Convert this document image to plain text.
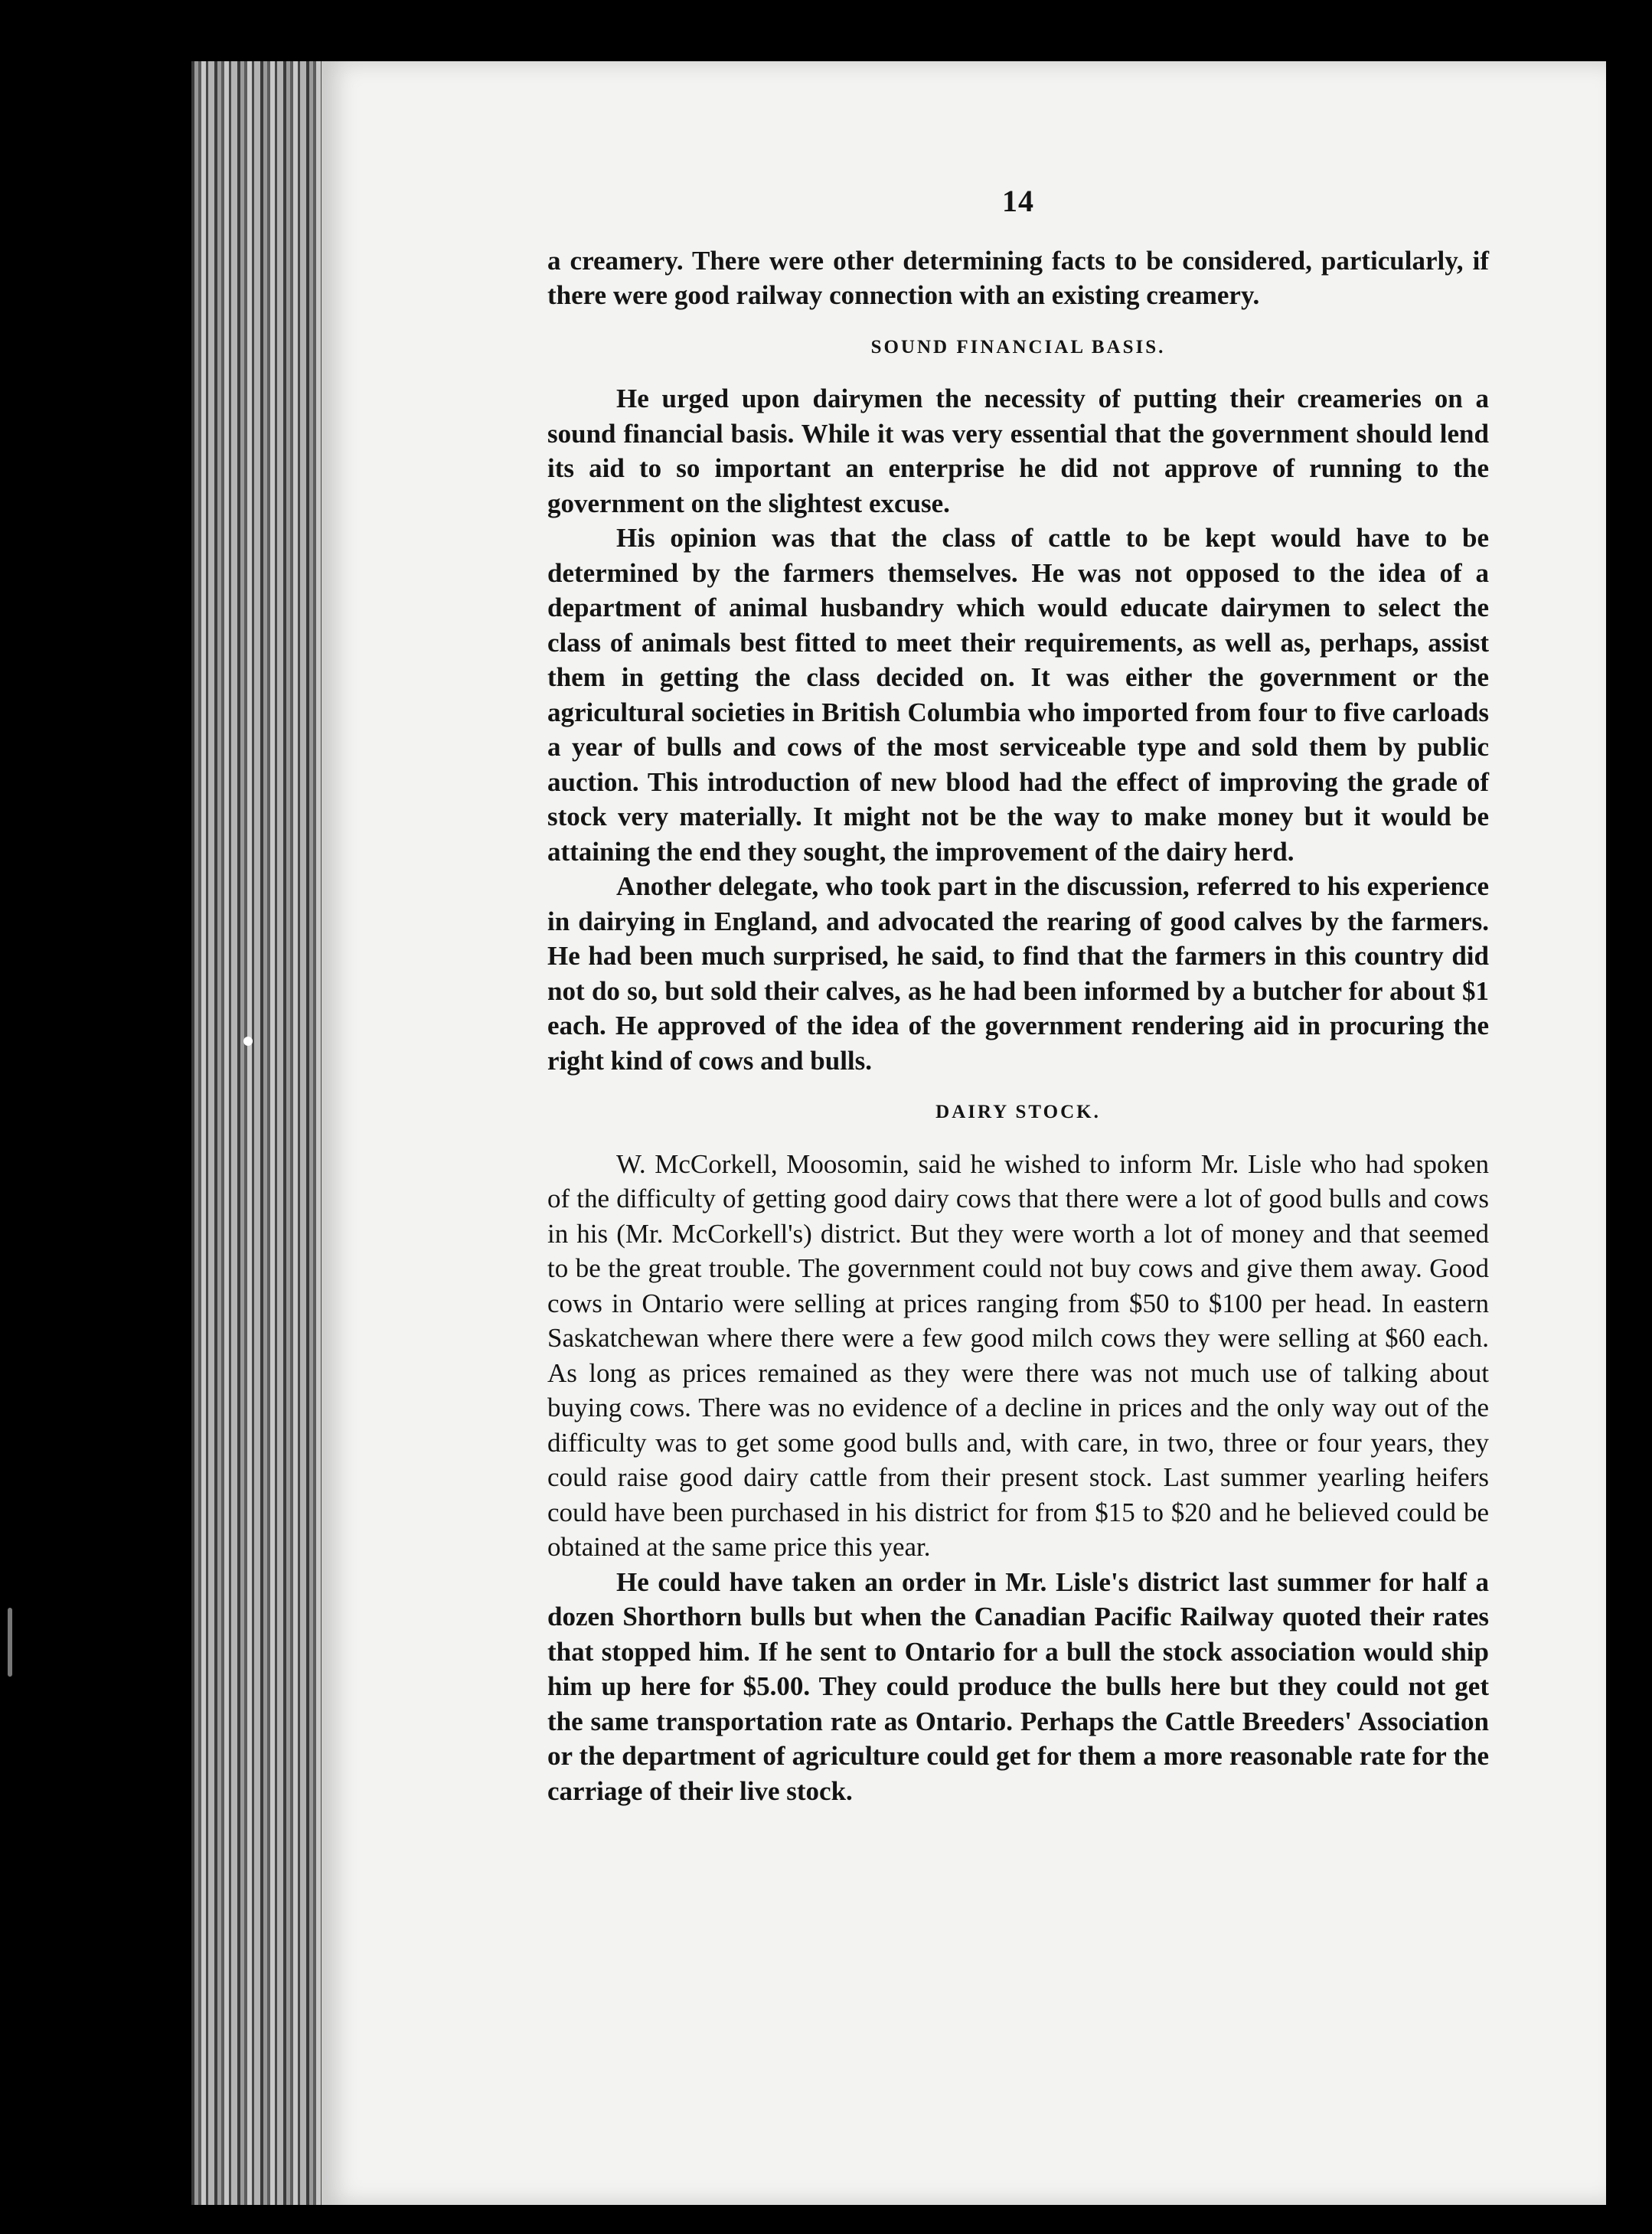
14

a creamery. There were other determining facts to be considered, particularly, if there were good railway connection with an existing creamery.

SOUND FINANCIAL BASIS.

He urged upon dairymen the necessity of putting their creameries on a sound financial basis. While it was very essential that the government should lend its aid to so important an enterprise he did not approve of running to the government on the slightest excuse.

His opinion was that the class of cattle to be kept would have to be determined by the farmers themselves. He was not opposed to the idea of a department of animal husbandry which would educate dairymen to select the class of animals best fitted to meet their requirements, as well as, perhaps, assist them in getting the class decided on. It was either the government or the agricultural societies in British Columbia who imported from four to five carloads a year of bulls and cows of the most serviceable type and sold them by public auction. This introduction of new blood had the effect of improving the grade of stock very materially. It might not be the way to make money but it would be attaining the end they sought, the improvement of the dairy herd.

Another delegate, who took part in the discussion, referred to his experience in dairying in England, and advocated the rearing of good calves by the farmers. He had been much surprised, he said, to find that the farmers in this country did not do so, but sold their calves, as he had been informed by a butcher for about $1 each. He approved of the idea of the government rendering aid in procuring the right kind of cows and bulls.

DAIRY STOCK.

W. McCorkell, Moosomin, said he wished to inform Mr. Lisle who had spoken of the difficulty of getting good dairy cows that there were a lot of good bulls and cows in his (Mr. McCorkell's) district. But they were worth a lot of money and that seemed to be the great trouble. The government could not buy cows and give them away. Good cows in Ontario were selling at prices ranging from $50 to $100 per head. In eastern Saskatchewan where there were a few good milch cows they were selling at $60 each. As long as prices remained as they were there was not much use of talking about buying cows. There was no evidence of a decline in prices and the only way out of the difficulty was to get some good bulls and, with care, in two, three or four years, they could raise good dairy cattle from their present stock. Last summer yearling heifers could have been purchased in his district for from $15 to $20 and he believed could be obtained at the same price this year.

He could have taken an order in Mr. Lisle's district last summer for half a dozen Shorthorn bulls but when the Canadian Pacific Railway quoted their rates that stopped him. If he sent to Ontario for a bull the stock association would ship him up here for $5.00. They could produce the bulls here but they could not get the same transportation rate as Ontario. Perhaps the Cattle Breeders' Association or the department of agriculture could get for them a more reasonable rate for the carriage of their live stock.
